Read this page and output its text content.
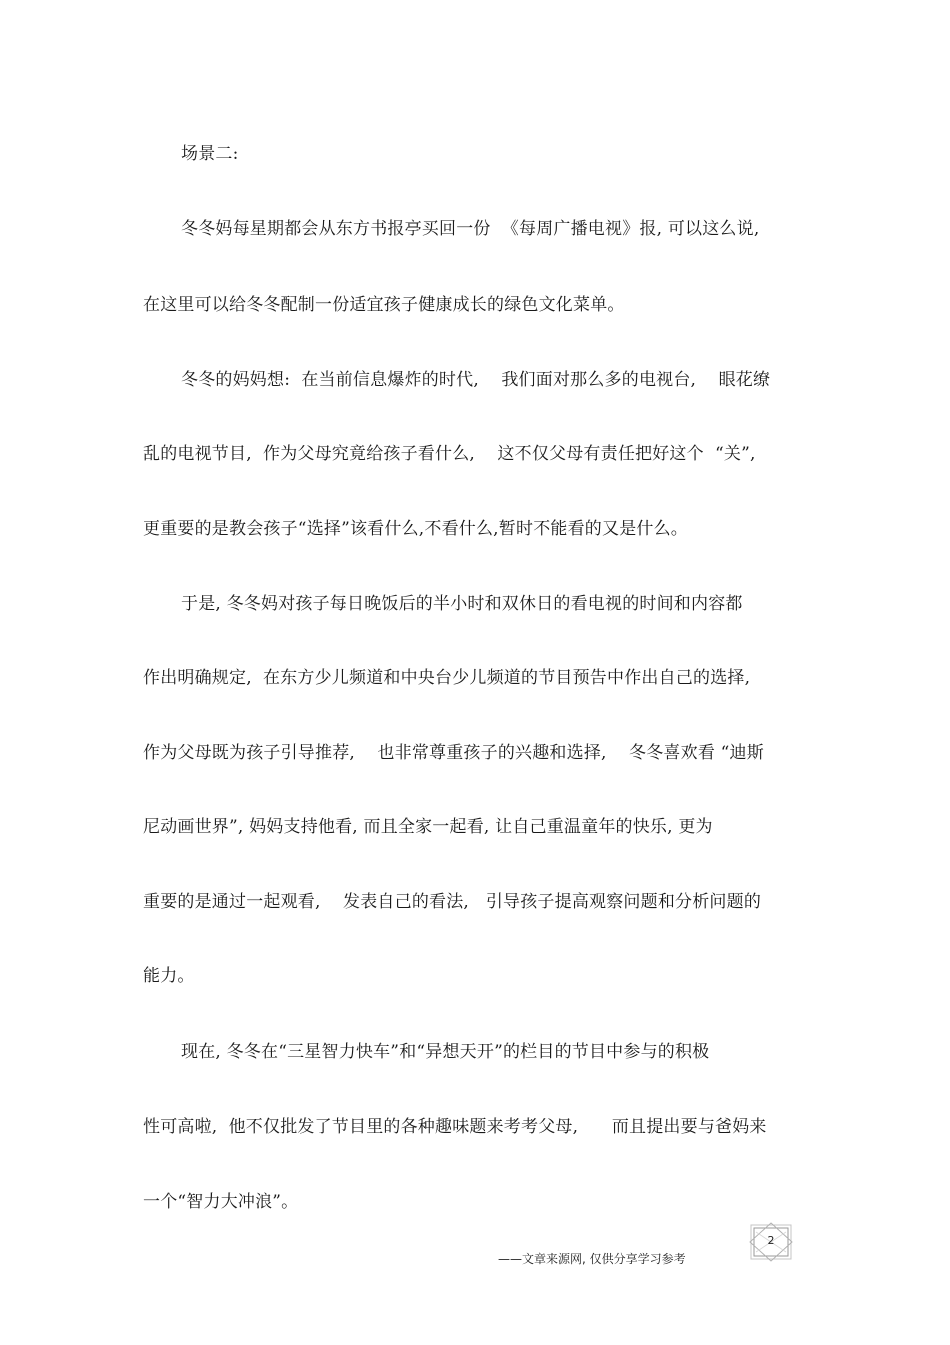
场景二:
冬冬妈每星期都会从东方书报亭买回一份  《每周广播电视》报, 可以这么说,
在这里可以给冬冬配制一份适宜孩子健康成长的绿色文化菜单。
冬冬的妈妈想:  在当前信息爆炸的时代,    我们面对那么多的电视台,    眼花缭
乱的电视节目,  作为父母究竟给孩子看什么,    这不仅父母有责任把好这个  “关”,
更重要的是教会孩子“选择”该看什么,不看什么,暂时不能看的又是什么。
于是, 冬冬妈对孩子每日晚饭后的半小时和双休日的看电视的时间和内容都
作出明确规定,  在东方少儿频道和中央台少儿频道的节目预告中作出自己的选择,
作为父母既为孩子引导推荐,    也非常尊重孩子的兴趣和选择,    冬冬喜欢看 “迪斯
尼动画世界”, 妈妈支持他看, 而且全家一起看, 让自己重温童年的快乐, 更为
重要的是通过一起观看,    发表自己的看法,   引导孩子提高观察问题和分析问题的
能力。
现在, 冬冬在“三星智力快车”和“异想天开”的栏目的节目中参与的积极
性可高啦,  他不仅批发了节目里的各种趣味题来考考父母,      而且提出要与爸妈来
一个“智力大冲浪”。
2
——文章来源网, 仅供分享学习参考
